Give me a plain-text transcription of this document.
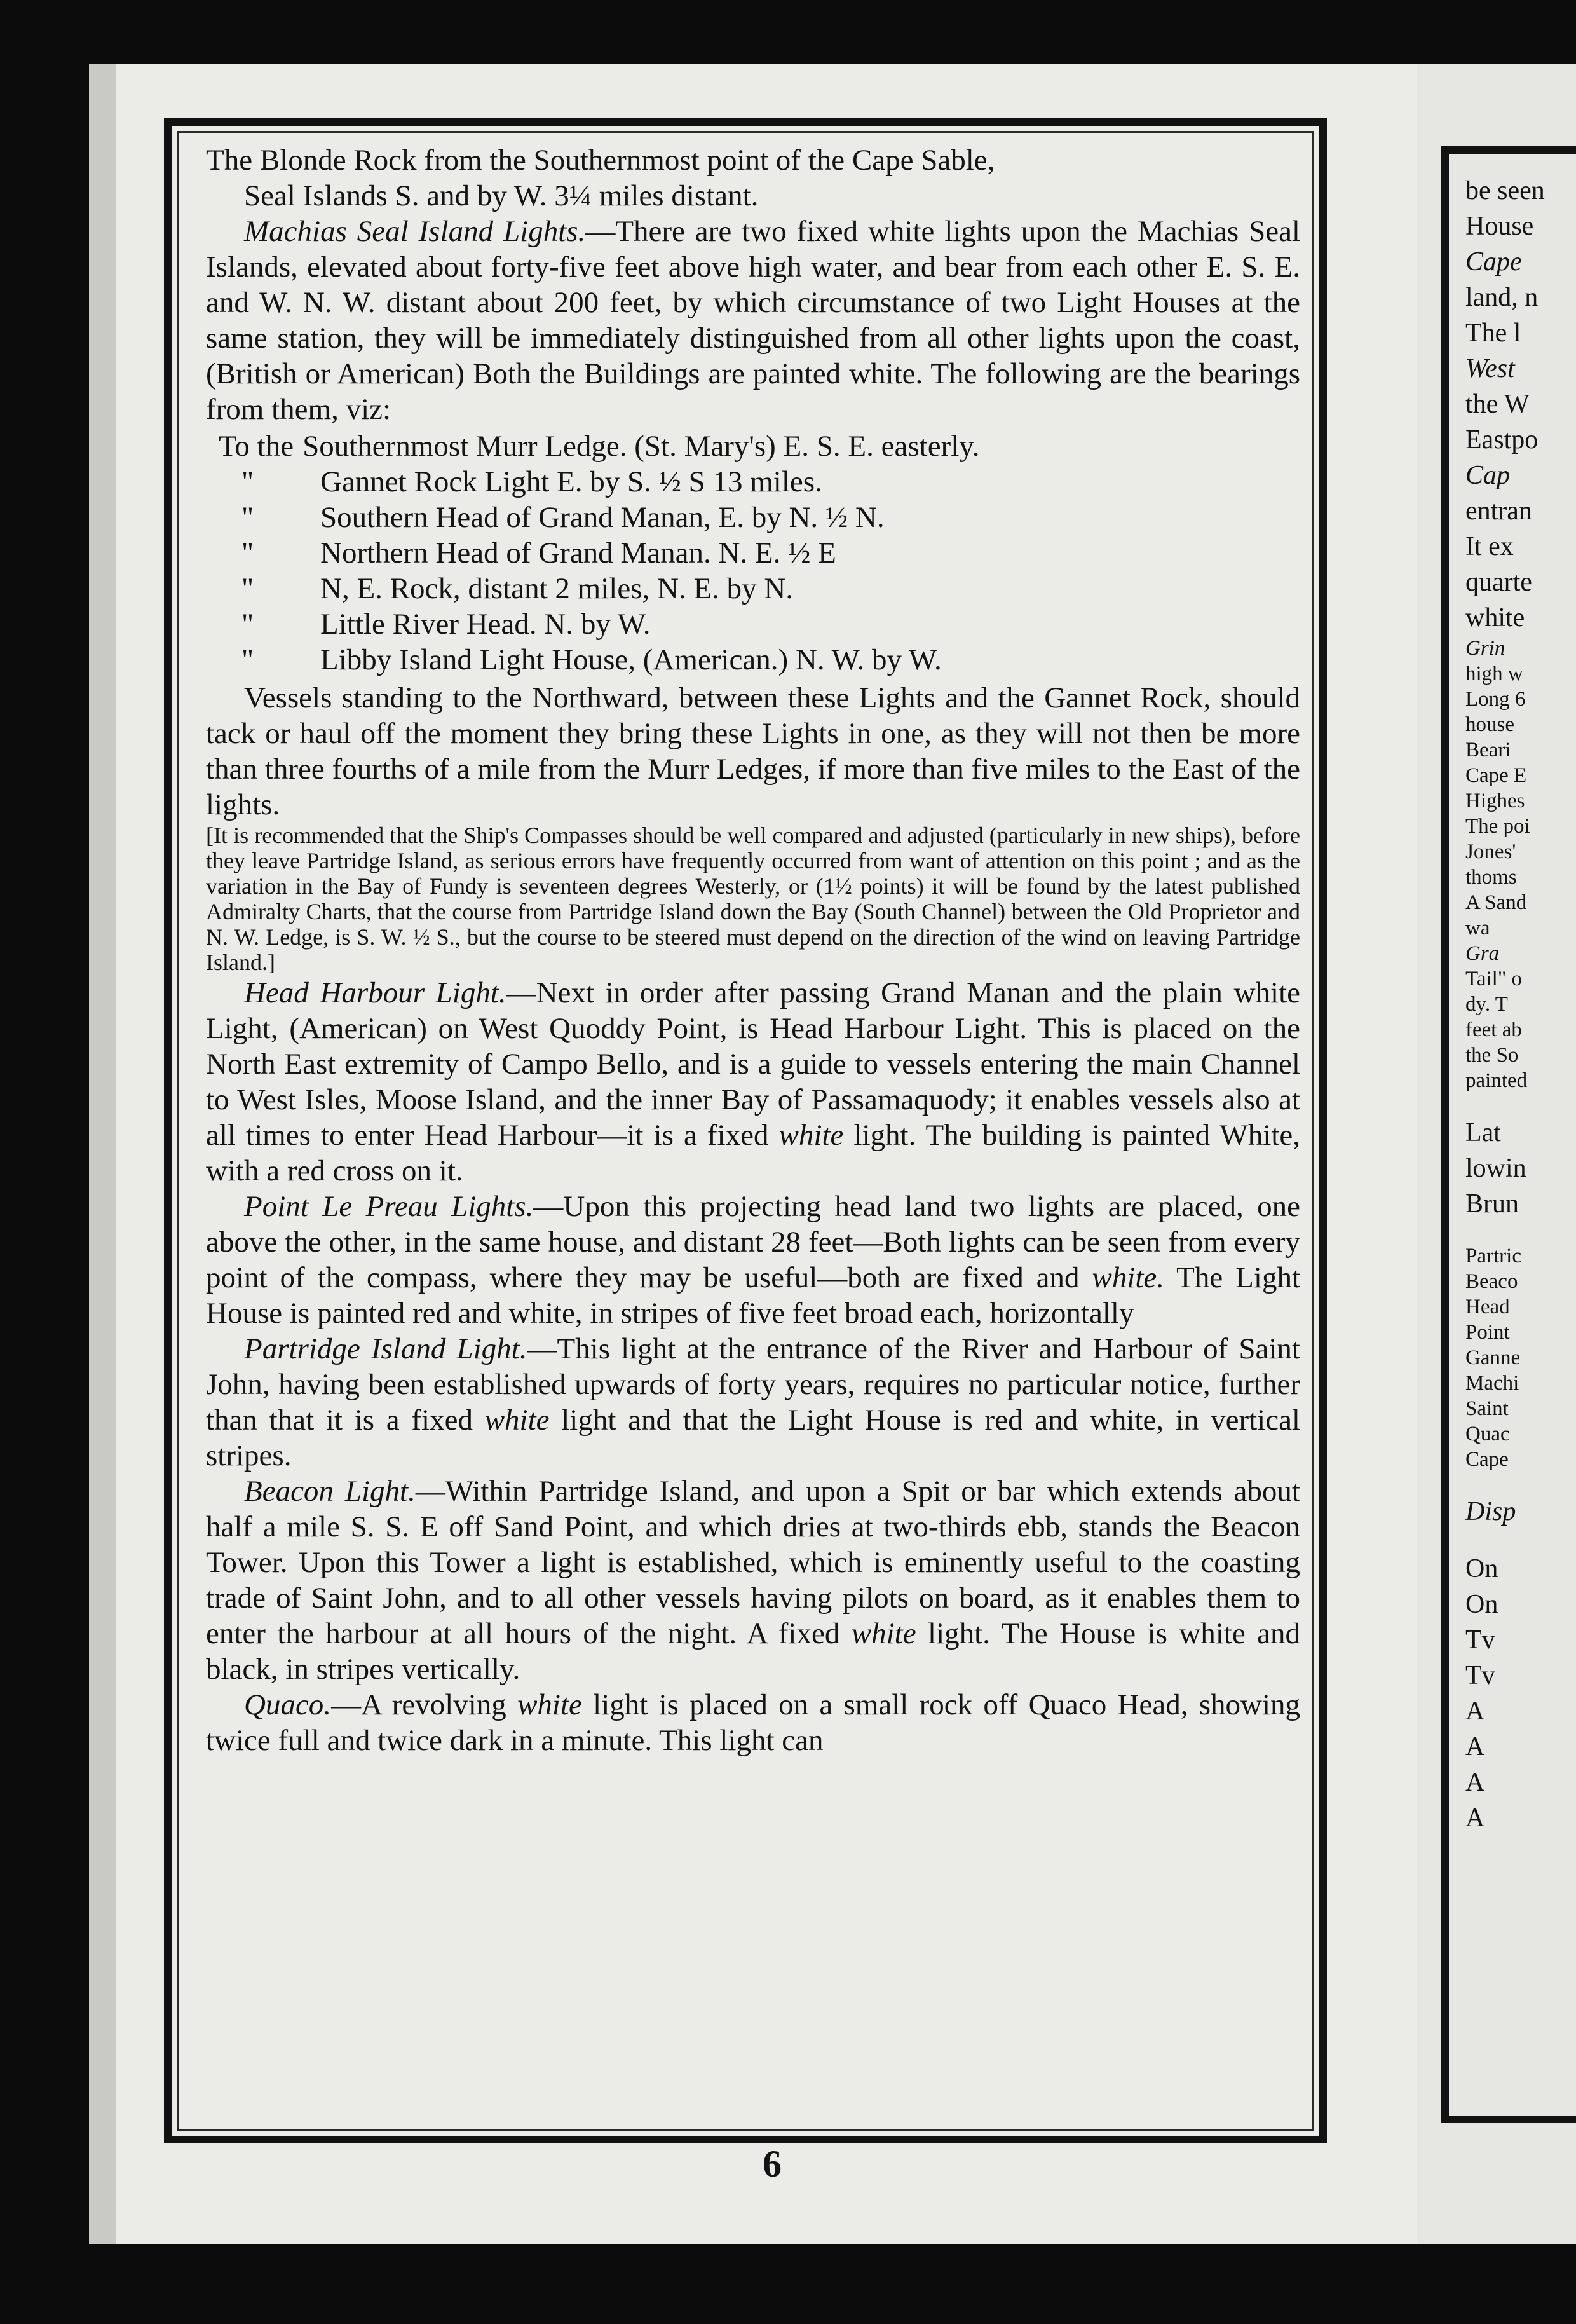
The Blonde Rock from the Southernmost point of the Cape Sable,

Seal Islands S. and by W. 3¼ miles distant.

Machias Seal Island Lights.—There are two fixed white lights upon the Machias Seal Islands, elevated about forty-five feet above high water, and bear from each other E. S. E. and W. N. W. distant about 200 feet, by which circumstance of two Light Houses at the same station, they will be immediately distinguished from all other lights upon the coast, (British or American) Both the Buildings are painted white. The following are the bearings from them, viz:

To the Southernmost Murr Ledge. (St. Mary's) E. S. E. easterly.
"	Gannet Rock Light E. by S. ½ S 13 miles.
"	Southern Head of Grand Manan, E. by N. ½ N.
"	Northern Head of Grand Manan. N. E. ½ E
"	N, E. Rock, distant 2 miles, N. E. by N.
"	Little River Head. N. by W.
"	Libby Island Light House, (American.) N. W. by W.

Vessels standing to the Northward, between these Lights and the Gannet Rock, should tack or haul off the moment they bring these Lights in one, as they will not then be more than three fourths of a mile from the Murr Ledges, if more than five miles to the East of the lights.

[It is recommended that the Ship's Compasses should be well compared and adjusted (particularly in new ships), before they leave Partridge Island, as serious errors have frequently occurred from want of attention on this point ; and as the variation in the Bay of Fundy is seventeen degrees Westerly, or (1½ points) it will be found by the latest published Admiralty Charts, that the course from Partridge Island down the Bay (South Channel) between the Old Proprietor and N. W. Ledge, is S. W. ½ S., but the course to be steered must depend on the direction of the wind on leaving Partridge Island.]

Head Harbour Light.—Next in order after passing Grand Manan and the plain white Light, (American) on West Quoddy Point, is Head Harbour Light. This is placed on the North East extremity of Campo Bello, and is a guide to vessels entering the main Channel to West Isles, Moose Island, and the inner Bay of Passamaquody; it enables vessels also at all times to enter Head Harbour—it is a fixed white light. The building is painted White, with a red cross on it.

Point Le Preau Lights.—Upon this projecting head land two lights are placed, one above the other, in the same house, and distant 28 feet—Both lights can be seen from every point of the compass, where they may be useful—both are fixed and white. The Light House is painted red and white, in stripes of five feet broad each, horizontally

Partridge Island Light.—This light at the entrance of the River and Harbour of Saint John, having been established upwards of forty years, requires no particular notice, further than that it is a fixed white light and that the Light House is red and white, in vertical stripes.

Beacon Light.—Within Partridge Island, and upon a Spit or bar which extends about half a mile S. S. E off Sand Point, and which dries at two-thirds ebb, stands the Beacon Tower. Upon this Tower a light is established, which is eminently useful to the coasting trade of Saint John, and to all other vessels having pilots on board, as it enables them to enter the harbour at all hours of the night. A fixed white light. The House is white and black, in stripes vertically.

Quaco.—A revolving white light is placed on a small rock off Quaco Head, showing twice full and twice dark in a minute. This light can

6
be seen
House
Cape
land, n
The l
West
the W
Eastpo
Cap
entran
It ex
quarte
white
Grin
high w
Long 6
house
Beari
Cape E
Highes
The poi
Jones'
thoms
A Sand
wa
Gra
Tail" o
dy. T
feet ab
the So
painted
Lat
lowin
Brun
Partric
Beaco
Head
Point
Ganne
Machi
Saint
Quac
Cape
Disp
On
On
Tv
Tv
A
A
A
A
